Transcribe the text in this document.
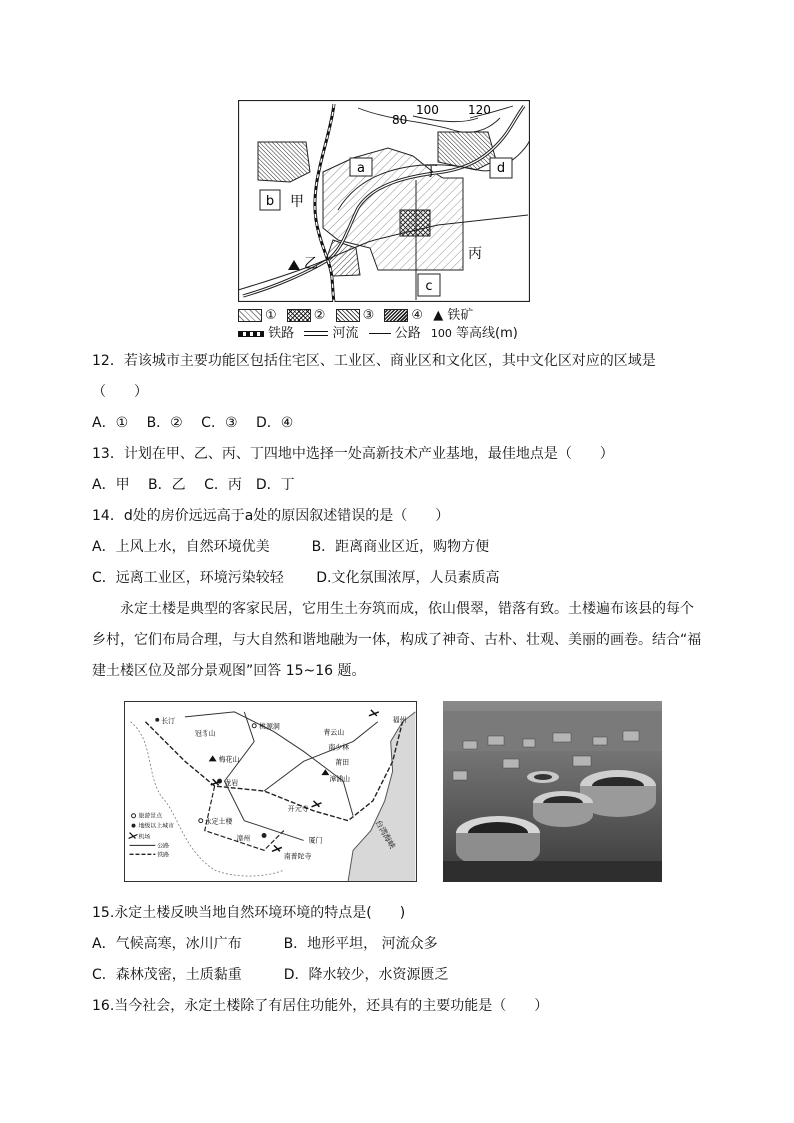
b
a	d
c
甲
乙
丙
丁
100 120
80
①	②	③	④ ▲ 铁矿
铁路	河流	公路 100 等高线(m)
12．若该城市主要功能区包括住宅区、工业区、商业区和文化区，其中文化区对应的区域是
（　　）
A．①　 B．②　 C．③　 D．④
13．计划在甲、乙、丙、丁四地中选择一处高新技术产业基地，最佳地点是（　　）
A．甲　 B．乙　 C．丙　D．丁
14．d处的房价远远高于a处的原因叙述错误的是（　　）
A．上风上水，自然环境优美　　　B．距离商业区近，购物方便
C．远离工业区，环境污染较轻　　 D.文化氛围浓厚，人员素质高
永定土楼是典型的客家民居，它用生土夯筑而成，依山偎翠，错落有致。土楼遍布该县的每个乡村，它们布局合理，与大自然和谐地融为一体，构成了神奇、古朴、壮观、美丽的画卷。结合“福建土楼区位及部分景观图”回答 15~16 题。
长汀
冠豸山
桃源洞
青云山
南少林
莆田
福州
梅花山
龙岩	漳浦山
开元寺
永定土楼
漳州
南普陀寺
厦门	台湾海峡
旅游景点
地级以上城市
机场
公路
铁路
15.永定土楼反映当地自然环境环境的特点是(　　)
A．气候高寒，冰川广布　　　B．地形平坦， 河流众多
C．森林茂密，土质黏重　　　D．降水较少，水资源匮乏
16.当今社会，永定土楼除了有居住功能外，还具有的主要功能是（　　）
